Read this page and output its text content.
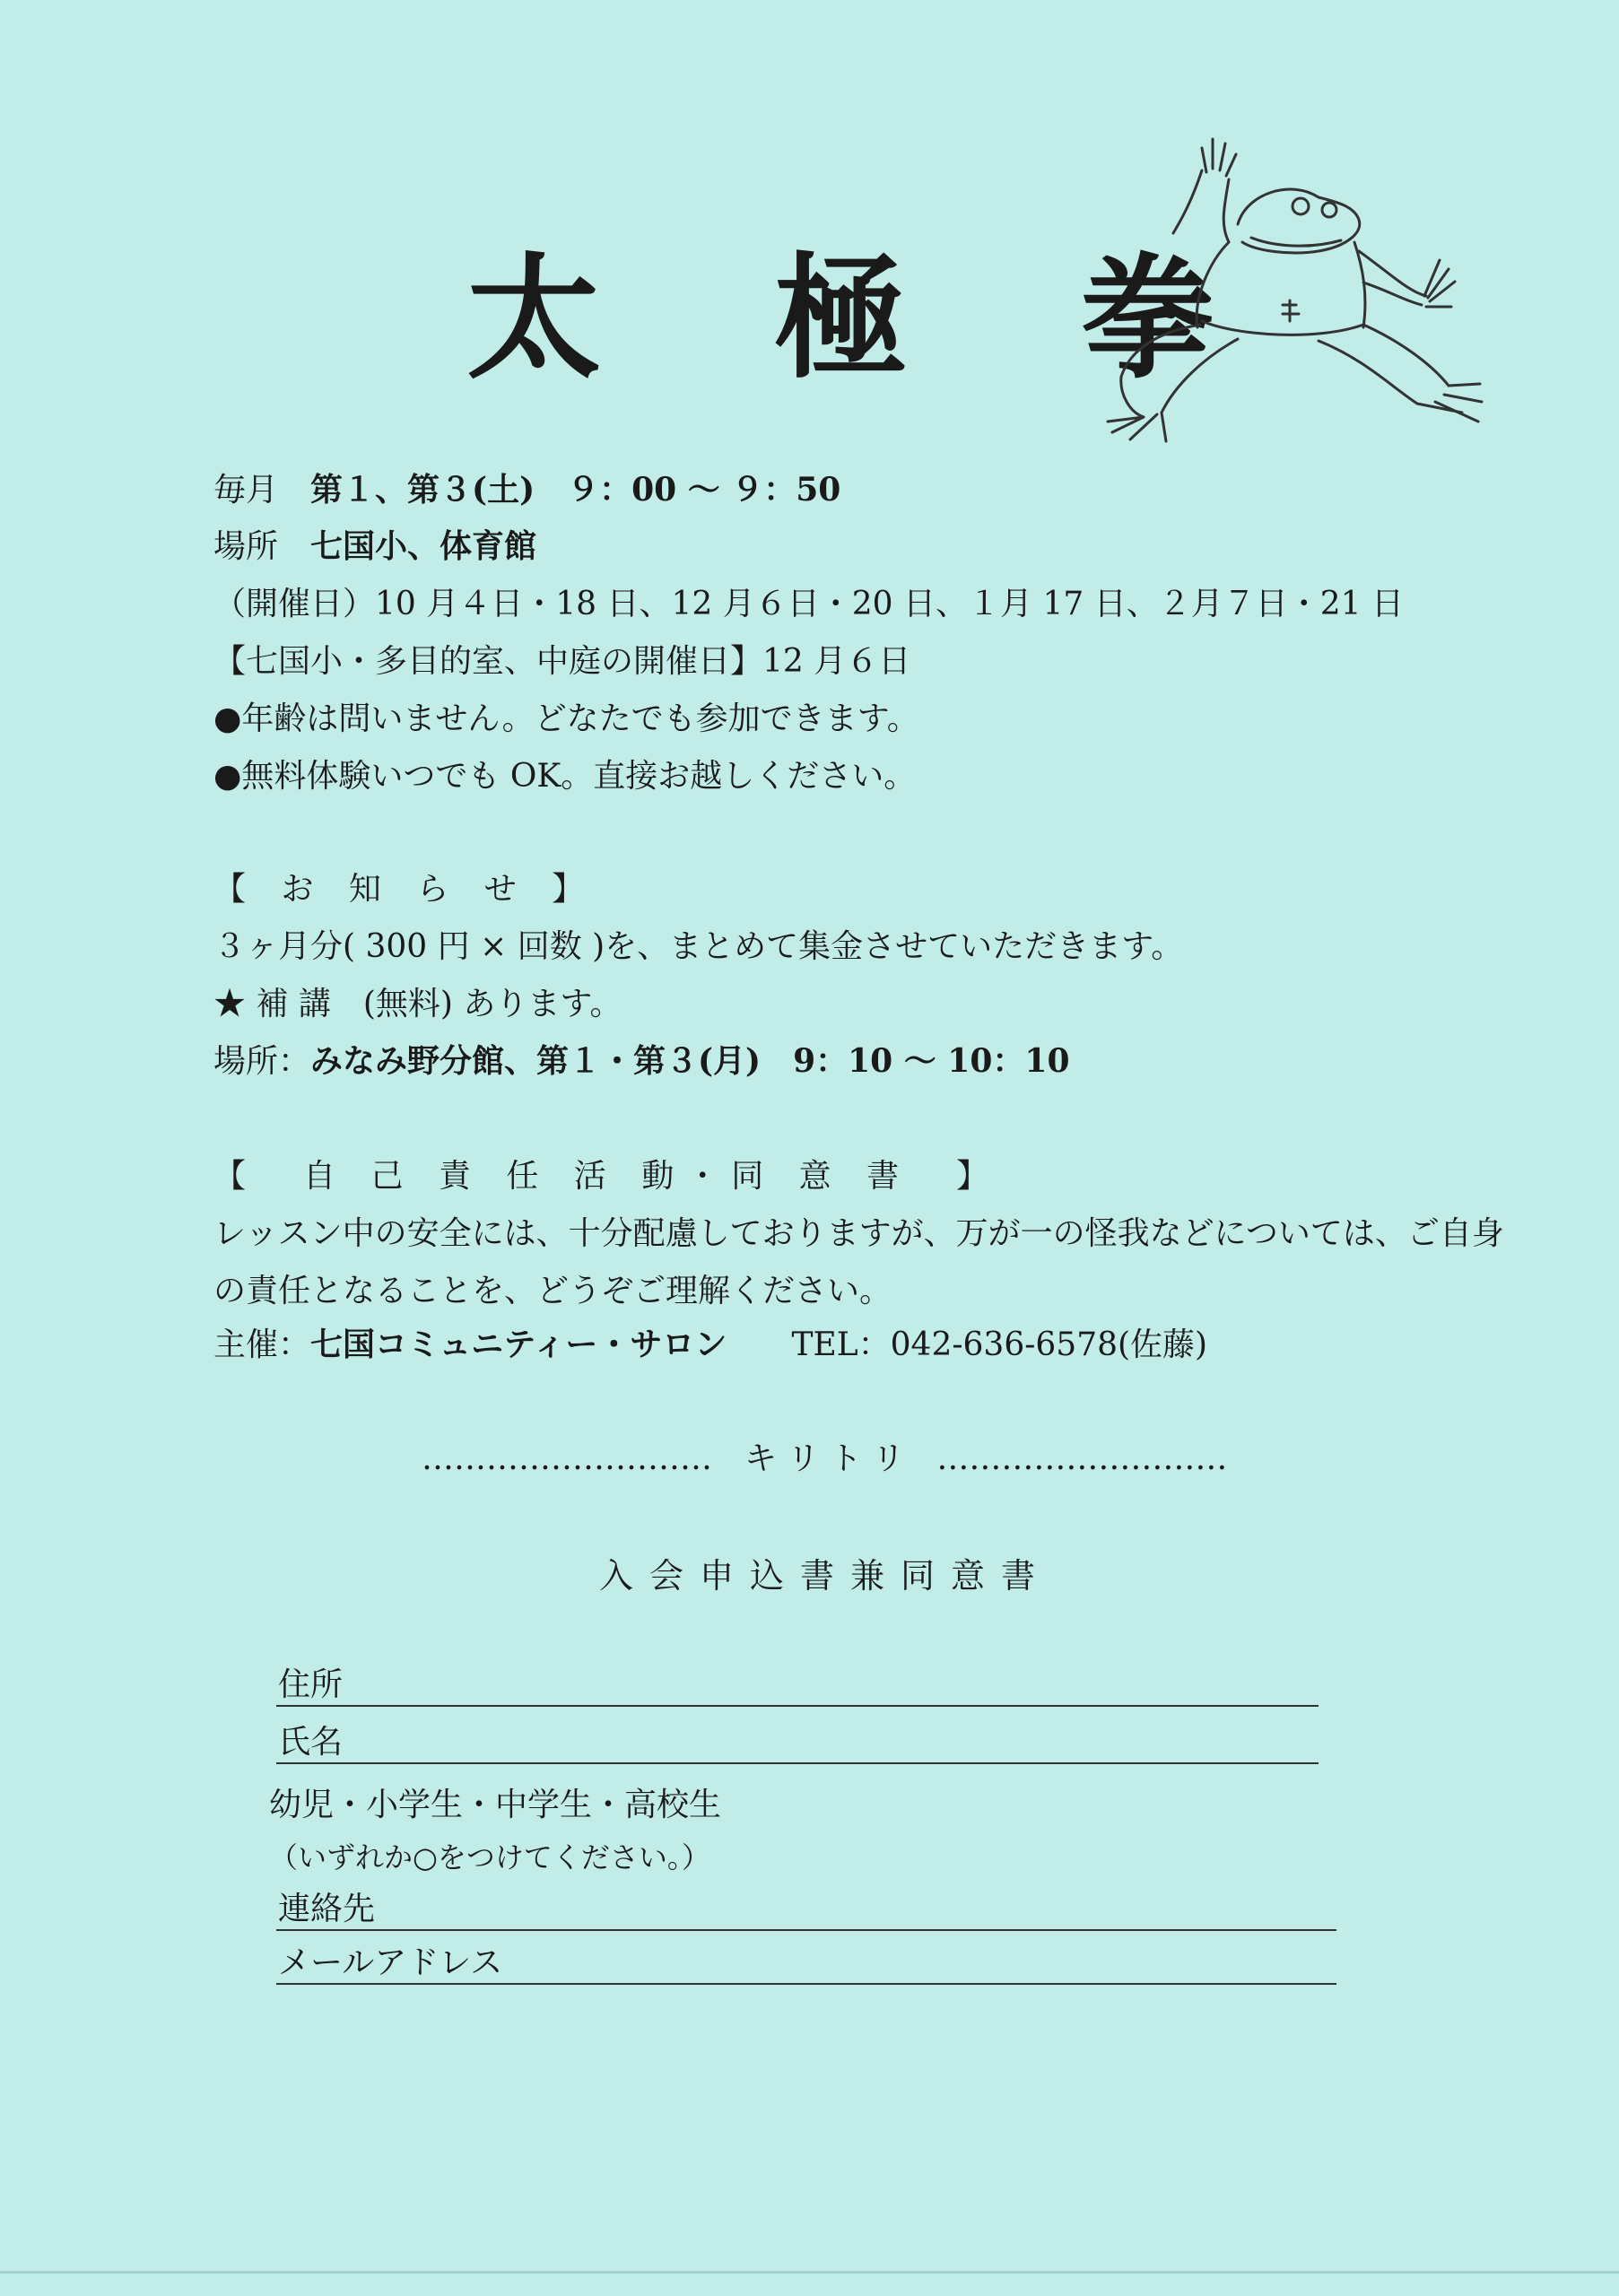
太 極 拳
毎月　 第１、第３(土)　９：00 〜 ９：50
場所　 七国小、体育館
（開催日）10 月４日・18 日、12 月６日・20 日、１月 17 日、２月７日・21 日
【七国小・多目的室、中庭の開催日】12 月６日
●年齢は問いません。どなたでも参加できます。
●無料体験いつでも OK。直接お越しください。
【 お 知 ら せ 】
３ヶ月分( 300 円 × 回数 )を、まとめて集金させていただきます。
★ 補 講　(無料) あります。
場所：みなみ野分館、第１・第３(月)　9：10 〜 10：10
【　自 己 責 任 活 動・同 意 書　】
レッスン中の安全には、十分配慮しておりますが、万が一の怪我などについては、ご自身
の責任となることを、どうぞご理解ください。
主催：七国コミュニティー・サロン　　 TEL：042-636-6578(佐藤)
………………………　キ リ ト リ　………………………
入会申込書兼同意書
住所
氏名
幼児・小学生・中学生・高校生
（いずれか○をつけてください。）
連絡先
メールアドレス
